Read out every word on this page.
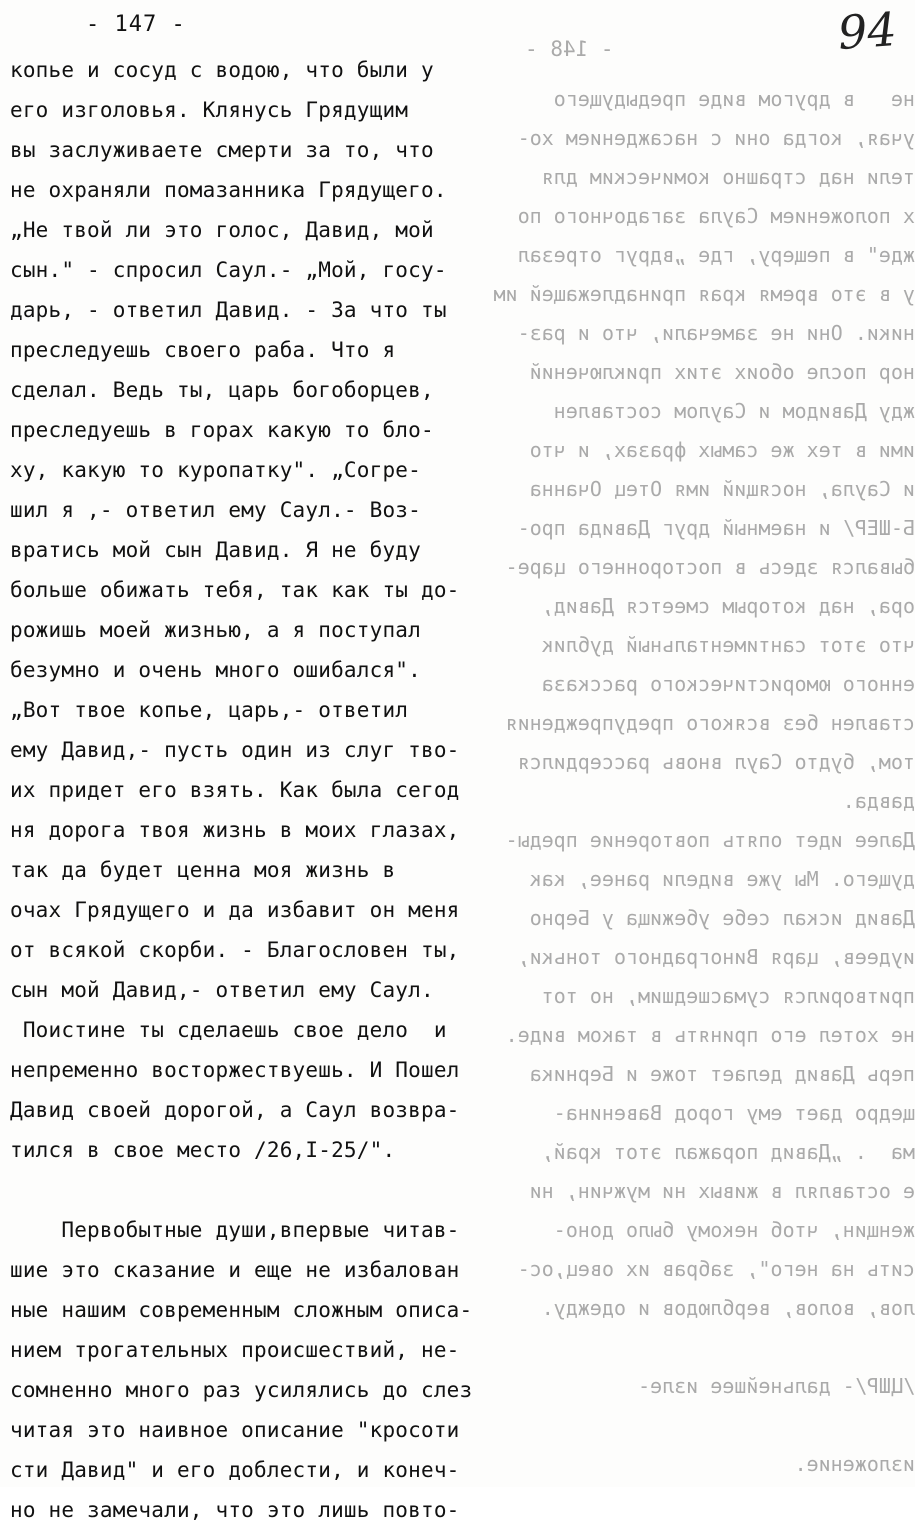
- 148 -

не   в другом виде предыдущего
учая, когда они с насаждением хо-
тели над страшно комическим для
х положением Саула загадочного по
жде" в пещеру, где „вдруг отрезал
у в это время края принадлежащей им
ники. Они не замечали, что и раз-
нор после обоих этих приключений
жду Давидом и Саулом составлен
ими в тех же самых фразах, и что
и Саула, носящий имя Отец Очанна
Б-ШЕР/ и наемный друг Давида про-
бывался здесь в постороннего царе-
ора, над которым смеется Давид,
что этот сантиментальный дублик
енного юмористического рассказа
ставлен без всякого предупреждения
том, будто Саул вновь рассердился
давда.
Далее идет опять повторение преды-
дущего. Мы уже видели ранее, как
Давид искал себе убежища у Берно
иудеев, царя Виноградного тоньки,
притворился сумасшедшим, но тот
не хотел его принять в таком виде.
перь Давид делает тоже и Берника
щедро дает ему город Вавенина-
ма  . „Давид поражал этот край,
е оставлял в живых ни мужчин, ни
женщин, чтоб некому было доно-
сить на него", забрав их овец,ос-
лов, волов, верблюдов и одежду.
/ЦШР/- дальнейшее изле-
изложение.

- 147 -	94
копье и сосуд с водою, что были у
его изголовья. Клянусь Грядущим
вы заслуживаете смерти за то, что
не охраняли помазанника Грядущего.
„Не твой ли это голос, Давид, мой
сын." - спросил Саул.- „Мой, госу-
дарь, - ответил Давид. - За что ты
преследуешь своего раба. Что я
сделал. Ведь ты, царь богоборцев,
преследуешь в горах какую то бло-
ху, какую то куропатку". „Согре-
шил я ,- ответил ему Саул.- Воз-
вратись мой сын Давид. Я не буду
больше обижать тебя, так как ты до-
рожишь моей жизнью, а я поступал
безумно и очень много ошибался".
„Вот твое копье, царь,- ответил
ему Давид,- пусть один из слуг тво-
их придет его взять. Как была сегод
ня дорога твоя жизнь в моих глазах,
так да будет ценна моя жизнь в
очах Грядущего и да избавит он меня
от всякой скорби. - Благословен ты,
сын мой Давид,- ответил ему Саул.
Поистине ты сделаешь свое дело  и
непременно восторжествуешь. И Пошел
Давид своей дорогой, а Саул возвра-
тился в свое место /26,I-25/".
Первобытные души,впервые читав-
шие это сказание и еще не избалован
ные нашим современным сложным описа-
нием трогательных происшествий, не-
сомненно много раз усилялись до слез
читая это наивное описание "кросоти
сти Давид" и его доблести, и конеч-
но не замечали, что это лишь повто-
